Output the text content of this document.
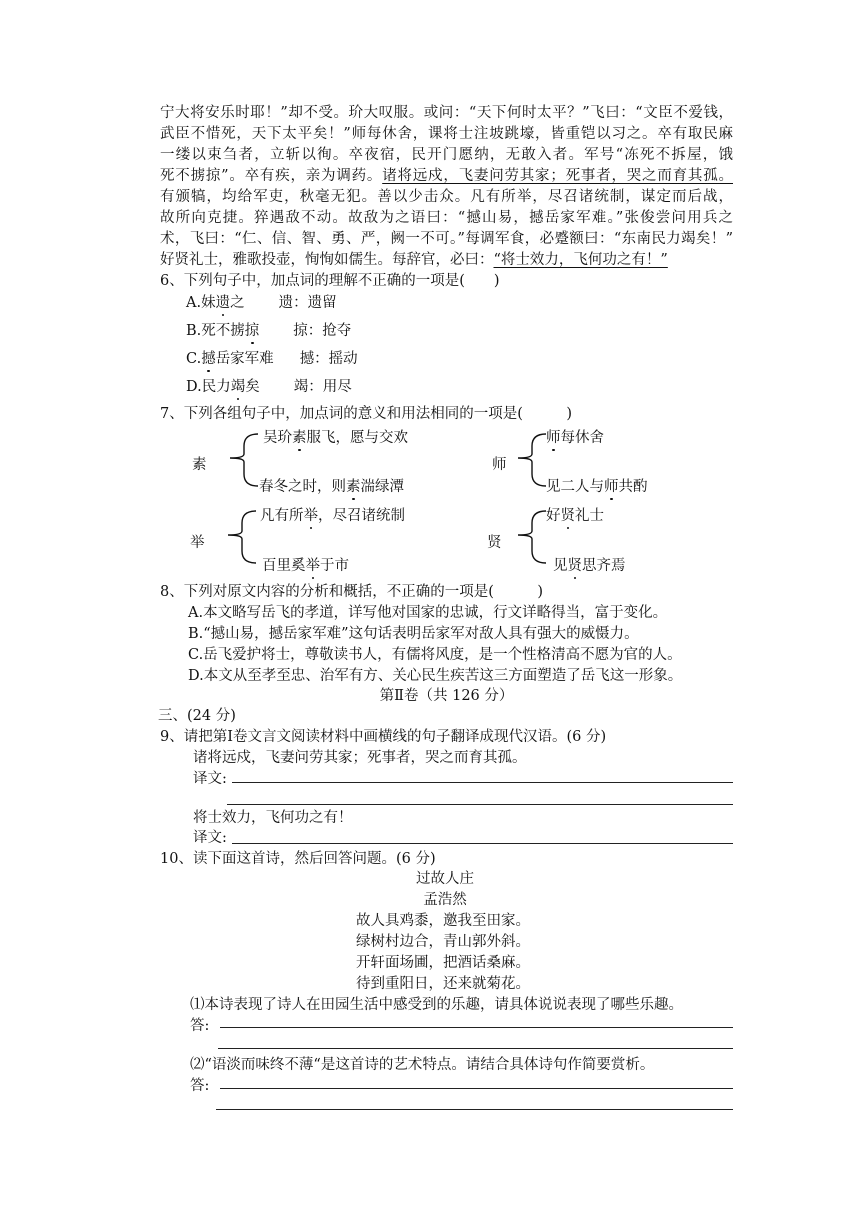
宁大将安乐时耶！”却不受。玠大叹服。或问：“天下何时太平？”飞曰：“文臣不爱钱，
武臣不惜死，天下太平矣！”师每休舍，课将士注坡跳壕，皆重铠以习之。卒有取民麻
一缕以束刍者，立斩以徇。卒夜宿，民开门愿纳，无敢入者。军号“冻死不拆屋，饿
死不掳掠”。卒有疾，亲为调药。诸将远戍，飞妻问劳其家；死事者，哭之而育其孤。
有颁犒，均给军吏，秋毫无犯。善以少击众。凡有所举，尽召诸统制，谋定而后战，
故所向克捷。猝遇敌不动。故敌为之语曰：“撼山易，撼岳家军难。”张俊尝问用兵之
术，飞曰：“仁、信、智、勇、严，阙一不可。”每调军食，必蹙额曰：“东南民力竭矣！”
好贤礼士，雅歌投壶，恂恂如儒生。每辞官，必曰：“将士效力，飞何功之有！”
6、下列句子中，加点词的理解不正确的一项是(　　)
A.妹遗之 遗：遗留
B.死不掳掠 掠：抢夺
C.撼岳家军难 撼：摇动
D.民力竭矣 竭：用尽
7、下列各组句子中，加点词的意义和用法相同的一项是(　　　)
素
吴玠素服飞，愿与交欢
春冬之时，则素湍绿潭
师
师每休舍
见二人与师共酌
举
凡有所举，尽召诸统制
百里奚举于市
贤
好贤礼士
见贤思齐焉
8、下列对原文内容的分析和概括，不正确的一项是(　　　)
A.本文略写岳飞的孝道，详写他对国家的忠诚，行文详略得当，富于变化。
B.“撼山易，撼岳家军难”这句话表明岳家军对敌人具有强大的威慑力。
C.岳飞爱护将士，尊敬读书人，有儒将风度，是一个性格清高不愿为官的人。
D.本文从至孝至忠、治军有方、关心民生疾苦这三方面塑造了岳飞这一形象。
第Ⅱ卷（共 126 分）
三、(24 分)
9、请把第Ⅰ卷文言文阅读材料中画横线的句子翻译成现代汉语。(6 分)
诸将远戍，飞妻问劳其家；死事者，哭之而育其孤。
译文:
将士效力，飞何功之有！
译文:
10、读下面这首诗，然后回答问题。(6 分)
过故人庄
孟浩然
故人具鸡黍，邀我至田家。
绿树村边合，青山郭外斜。
开轩面场圃，把酒话桑麻。
待到重阳日，还来就菊花。
⑴本诗表现了诗人在田园生活中感受到的乐趣，请具体说说表现了哪些乐趣。
答:
⑵“语淡而味终不薄“是这首诗的艺术特点。请结合具体诗句作简要赏析。
答:
